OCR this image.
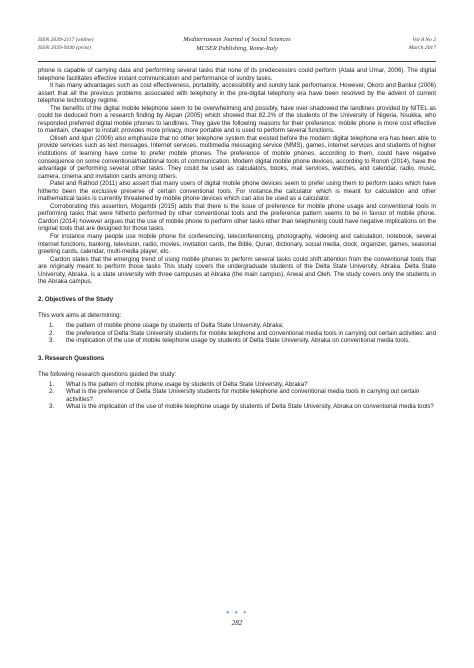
ISSN 2039-2117 (online)
ISSN 2039-9340 (print)
Mediterranean Journal of Social Sciences
MCSER Publishing, Rome-Italy
Vol 8 No 2
March 2017

phone is capable of carrying data and performing several tasks that none of its predecessors could perform (Atala and Umar, 2006). The digital telephone facilitates effective instant communication and performance of sundry tasks.

It has many advantages such as cost effectiveness, portability, accessibility and sundry task performance. However, Okoro and Barikui (2006) assert that all the previous problems associated with telephony in the pre-digital telephony era have been resolved by the advent of current telephone technology regime.

The benefits of the digital mobile telephone seem to be overwhelming and possibly, have over-shadowed the landlines provided by NITEL as could be deduced from a research finding by Akpan (2005) which showed that 82.2% of the students of the University of Nigeria, Nsukka, who responded preferred digital mobile phones to landlines. They gave the following reasons for their preference: mobile phone is more cost effective to maintain, cheaper to install; provides more privacy, more portable and is used to perform several functions.

Oliseh and Igun (2006) also emphasize that no other telephone system that existed before the modern digital telephone era has been able to provide services such as text messages, Internet services, multimedia messaging service (MMS), games, internet services and students of higher institutions of learning have come to prefer mobile phones. The preference of mobile phones, according to them, could have negative consequence on some conventional/traditional tools of communication. Modern digital mobile phone devices, according to Ronoh (2014), have the advantage of performing several other tasks. They could be used as calculators, books, mail services, watches, and calendar, radio, music, camera, cinema and invitation cards among others.

Patel and Rathod (2011) also assert that many users of digital mobile phone devices seem to prefer using them to perform tasks which have hitherto been the exclusive preserve of certain conventional tools. For instance,the calculator which is meant for calculation and other mathematical tasks is currently threatened by mobile phone devices which can also be used as a calculator.

Corroborating this assertion, Mogambi (2015) adds that there is the issue of preference for mobile phone usage and conventional tools in performing tasks that were hitherto performed by other conventional tools and the preference pattern seems to be in favour of mobile phone. Cardon (2014) however argues that the use of mobile phone to perform other tasks other than telephoning could have negative implications on the original tools that are designed for those tasks.

For instance many people use mobile phone for conferencing, teleconferencing, photography, videoing and calculation, notebook, several Internet functions, banking, television, radio, movies, invitation cards, the Bible, Quran, dictionary, social media, clock, organizer, games, seasonal greeting cards, calendar, multi-media player, etc.

Cardon states that the emerging trend of using mobile phones to perform several tasks could shift attention from the conventional tools that are originally meant to perform those tasks This study covers the undergraduate students of the Delta State University, Abraka. Delta State University, Abraka, is a state university with three campuses at Abraka (the main campus), Anwai and Oleh. The study covers only the students in the Abraka campus.

2. Objectives of the Study
This work aims at determining:
1. the pattern of mobile phone usage by students of Delta State University, Abraka;
2. the preference of Delta State University students for mobile telephone and conventional media tools in carrying out certain activities: and
3. the implication of the use of mobile telephone usage by students of Delta State University, Abraka on conventional media tools.
3. Research Questions
The following research questions guided the study:
1. What is the pattern of mobile phone usage by students of Delta State University, Abraka?
2. What is the preference of Delta State University students for mobile telephone and conventional media tools in carrying out certain activities?
3. What is the implication of the use of mobile telephone usage by students of Delta State University, Abraka on conventional media tools?
✦ ✦ ✦
282
